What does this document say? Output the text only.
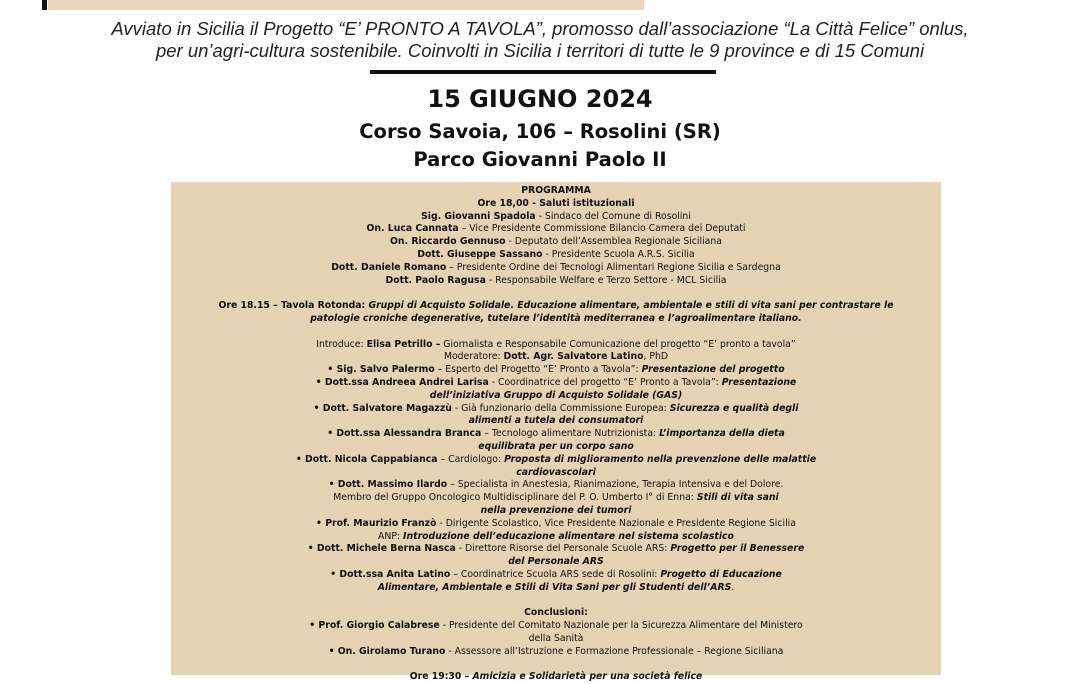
Avviato in Sicilia il Progetto “E’ PRONTO A TAVOLA”, promosso dall’associazione “La Città Felice” onlus,
per un’agri-cultura sostenibile. Coinvolti in Sicilia i territori di tutte le 9 province e di 15 Comuni
15 GIUGNO 2024
Corso Savoia, 106 – Rosolini (SR)
Parco Giovanni Paolo II
PROGRAMMA
Ore 18,00 - Saluti istituzionali
Sig. Giovanni Spadola - Sindaco del Comune di Rosolini
On. Luca Cannata – Vice Presidente Commissione Bilancio Camera dei Deputati
On. Riccardo Gennuso - Deputato dell’Assemblea Regionale Siciliana
Dott. Giuseppe Sassano - Presidente Scuola A.R.S. Sicilia
Dott. Daniele Romano – Presidente Ordine dei Tecnologi Alimentari Regione Sicilia e Sardegna
Dott. Paolo Ragusa - Responsabile Welfare e Terzo Settore - MCL Sicilia
Ore 18.15 – Tavola Rotonda: Gruppi di Acquisto Solidale. Educazione alimentare, ambientale e stili di vita sani per contrastare le
patologie croniche degenerative, tutelare l’identità mediterranea e l’agroalimentare italiano.
Introduce: Elisa Petrillo – Giornalista e Responsabile Comunicazione del progetto “E’ pronto a tavola”
Moderatore: Dott. Agr. Salvatore Latino, PhD
• Sig. Salvo Palermo – Esperto del Progetto “E’ Pronto a Tavola”: Presentazione del progetto
• Dott.ssa Andreea Andrei Larisa - Coordinatrice del progetto “E’ Pronto a Tavola”: Presentazione
dell’iniziativa Gruppo di Acquisto Solidale (GAS)
• Dott. Salvatore Magazzù - Già funzionario della Commissione Europea: Sicurezza e qualità degli
alimenti a tutela dei consumatori
• Dott.ssa Alessandra Branca – Tecnologo alimentare Nutrizionista: L’importanza della dieta
equilibrata per un corpo sano
• Dott. Nicola Cappabianca – Cardiologo: Proposta di miglioramento nella prevenzione delle malattie
cardiovascolari
• Dott. Massimo Ilardo – Specialista in Anestesia, Rianimazione, Terapia Intensiva e del Dolore.
Membro del Gruppo Oncologico Multidisciplinare del P. O. Umberto I° di Enna: Stili di vita sani
nella prevenzione dei tumori
• Prof. Maurizio Franzò - Dirigente Scolastico, Vice Presidente Nazionale e Presidente Regione Sicilia
ANP: Introduzione dell’educazione alimentare nel sistema scolastico
• Dott. Michele Berna Nasca - Direttore Risorse del Personale Scuole ARS: Progetto per il Benessere
del Personale ARS
• Dott.ssa Anita Latino – Coordinatrice Scuola ARS sede di Rosolini: Progetto di Educazione
Alimentare, Ambientale e Stili di Vita Sani per gli Studenti dell’ARS.
Conclusioni:
• Prof. Giorgio Calabrese - Presidente del Comitato Nazionale per la Sicurezza Alimentare del Ministero
della Sanità
• On. Girolamo Turano - Assessore all’Istruzione e Formazione Professionale – Regione Siciliana
Ore 19:30 – Amicizia e Solidarietà per una società felice
